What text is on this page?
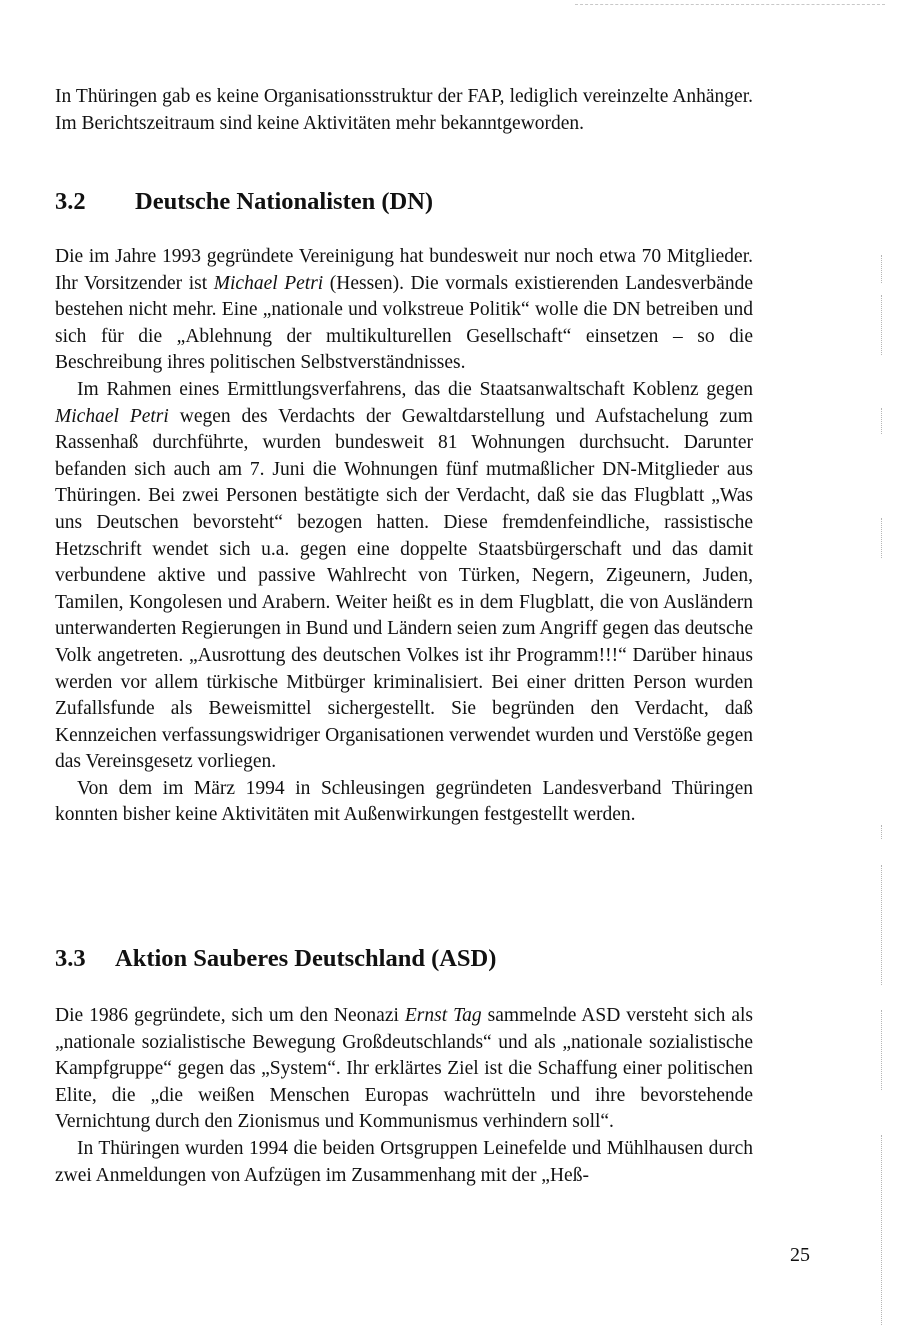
In Thüringen gab es keine Organisationsstruktur der FAP, lediglich vereinzelte Anhänger. Im Berichtszeitraum sind keine Aktivitäten mehr bekanntgeworden.

3.2 Deutsche Nationalisten (DN)

Die im Jahre 1993 gegründete Vereinigung hat bundesweit nur noch etwa 70 Mitglieder. Ihr Vorsitzender ist Michael Petri (Hessen). Die vormals existierenden Landesverbände bestehen nicht mehr. Eine „nationale und volkstreue Politik“ wolle die DN betreiben und sich für die „Ablehnung der multikulturellen Gesellschaft“ einsetzen – so die Beschreibung ihres politischen Selbstverständnisses.

Im Rahmen eines Ermittlungsverfahrens, das die Staatsanwaltschaft Koblenz gegen Michael Petri wegen des Verdachts der Gewaltdarstellung und Aufstachelung zum Rassenhaß durchführte, wurden bundesweit 81 Wohnungen durchsucht. Darunter befanden sich auch am 7. Juni die Wohnungen fünf mutmaßlicher DN-Mitglieder aus Thüringen. Bei zwei Personen bestätigte sich der Verdacht, daß sie das Flugblatt „Was uns Deutschen bevorsteht“ bezogen hatten. Diese fremdenfeindliche, rassistische Hetzschrift wendet sich u.a. gegen eine doppelte Staatsbürgerschaft und das damit verbundene aktive und passive Wahlrecht von Türken, Negern, Zigeunern, Juden, Tamilen, Kongolesen und Arabern. Weiter heißt es in dem Flugblatt, die von Ausländern unterwanderten Regierungen in Bund und Ländern seien zum Angriff gegen das deutsche Volk angetreten. „Ausrottung des deutschen Volkes ist ihr Programm!!!“ Darüber hinaus werden vor allem türkische Mitbürger kriminalisiert. Bei einer dritten Person wurden Zufallsfunde als Beweismittel sichergestellt. Sie begründen den Verdacht, daß Kennzeichen verfassungswidriger Organisationen verwendet wurden und Verstöße gegen das Vereinsgesetz vorliegen.

Von dem im März 1994 in Schleusingen gegründeten Landesverband Thüringen konnten bisher keine Aktivitäten mit Außenwirkungen festgestellt werden.

3.3 Aktion Sauberes Deutschland (ASD)

Die 1986 gegründete, sich um den Neonazi Ernst Tag sammelnde ASD versteht sich als „nationale sozialistische Bewegung Großdeutschlands“ und als „nationale sozialistische Kampfgruppe“ gegen das „System“. Ihr erklärtes Ziel ist die Schaffung einer politischen Elite, die „die weißen Menschen Europas wachrütteln und ihre bevorstehende Vernichtung durch den Zionismus und Kommunismus verhindern soll“.

In Thüringen wurden 1994 die beiden Ortsgruppen Leinefelde und Mühlhausen durch zwei Anmeldungen von Aufzügen im Zusammenhang mit der „Heß-

25
